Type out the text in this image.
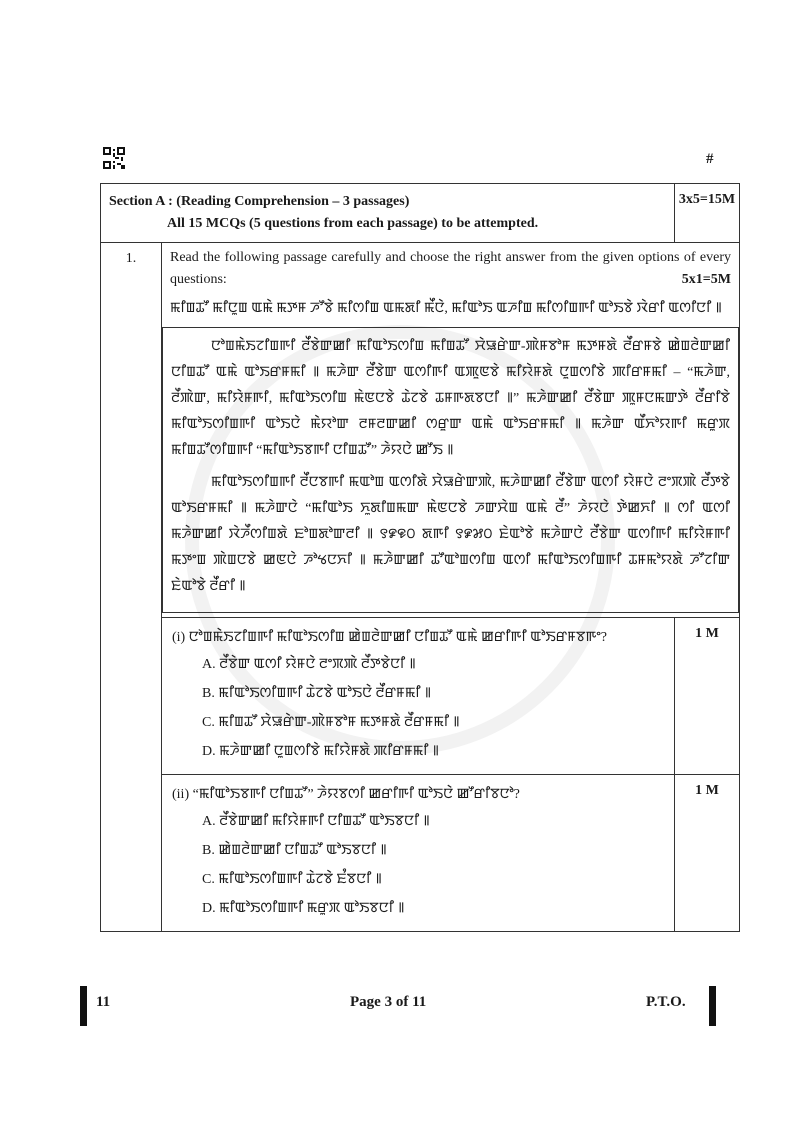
#
Section A : (Reading Comprehension – 3 passages)
All 15 MCQs (5 questions from each passage) to be attempted.		3x5=15M
1.	Read the following passage carefully and choose the right answer from the given options of every questions: 5x1=5M
ꯃꯤꯡꯊꯧ ꯃꯤꯅꯨꯡ ꯑꯃꯥ ꯃꯇꯝ ꯍꯧꯕꯥ ꯃꯤꯁꯤꯡ ꯑꯃꯗꯤ ꯃꯩꯅꯥ, ꯃꯤꯑꯣꯏ ꯑꯍꯤꯡ ꯃꯤꯁꯤꯡꯒꯤ ꯑꯣꯏꯕꯥ ꯋꯥꯔꯤ ꯑꯁꯤꯅꯤ ꯫

ꯅꯣꯡꯃꯥꯏꯖꯤꯡꯒꯤ ꯂꯩꯕꯥꯛꯀꯤ ꯃꯤꯑꯣꯏꯁꯤꯡ ꯃꯤꯡꯊꯧ ꯆꯥꯎꯔꯥꯛ-ꯄꯥꯝꯕꯣꯝ ꯃꯇꯝꯗꯥ ꯂꯩꯔꯝꯕꯥ ꯀꯥꯡꯂꯥꯛꯀꯤ ꯅꯤꯡꯊꯧ ꯑꯃꯥ ꯑꯣꯏꯔꯝꯃꯤ ꯫ ꯃꯍꯥꯛ ꯂꯩꯕꯥꯛ ꯑꯁꯤꯒꯤ ꯑꯄꯨꯟꯕꯥ ꯃꯤꯌꯥꯝꯗꯥ ꯅꯨꯡꯁꯤꯕꯥ ꯄꯤꯔꯝꯃꯤ – “ꯃꯍꯥꯛ, ꯂꯩꯄꯥꯛ, ꯃꯤꯌꯥꯝꯒꯤ, ꯃꯤꯑꯣꯏꯁꯤꯡ ꯃꯥꯟꯅꯕꯥ ꯊꯥꯖꯕꯥ ꯊꯝꯒꯗꯕꯅꯤ ꯫” ꯃꯍꯥꯛꯀꯤ ꯂꯩꯕꯥꯛ ꯄꯨꯝꯅꯃꯛꯇꯥ ꯂꯩꯔꯤꯕꯥ ꯃꯤꯑꯣꯏꯁꯤꯡꯒꯤ ꯑꯣꯏꯅꯥ ꯃꯥꯌꯣꯛ ꯂꯝꯂꯛꯀꯤ ꯁꯔꯨꯛ ꯑꯃꯥ ꯑꯣꯏꯔꯝꯃꯤ ꯫ ꯃꯍꯥꯛ ꯑꯩꯈꯣꯌꯒꯤ ꯃꯔꯨꯞ ꯃꯤꯡꯊꯧꯁꯤꯡꯒꯤ “ꯃꯤꯑꯣꯏꯕꯒꯤ ꯅꯤꯡꯊꯧ” ꯍꯥꯌꯅꯥ ꯀꯧꯏ ꯫

ꯃꯤꯑꯣꯏꯁꯤꯡꯒꯤ ꯂꯩꯅꯕꯒꯤ ꯃꯑꯣꯡ ꯑꯁꯤꯗꯥ ꯆꯥꯎꯔꯥꯛꯄꯥ, ꯃꯍꯥꯛꯀꯤ ꯂꯩꯕꯥꯛ ꯑꯁꯤ ꯌꯥꯝꯅꯥ ꯂꯦꯞꯄꯥ ꯂꯩꯇꯕꯥ ꯑꯣꯏꯔꯝꯃꯤ ꯫ ꯃꯍꯥꯛꯅꯥ “ꯃꯤꯑꯣꯏ ꯈꯨꯗꯤꯡꯃꯛ ꯃꯥꯟꯅꯕꯥ ꯍꯛꯆꯥꯡ ꯑꯃꯥ ꯂꯩ” ꯍꯥꯌꯅꯥ ꯇꯥꯀꯈꯤ ꯫ ꯁꯤ ꯑꯁꯤ ꯃꯍꯥꯛꯀꯤ ꯋꯥꯍꯩꯁꯤꯡꯗꯥ ꯐꯣꯡꯗꯣꯛꯂꯤ ꯫ ꯱꯹꯶꯰ ꯗꯒꯤ ꯱꯹꯷꯰ ꯐꯥꯑꯣꯕꯥ ꯃꯍꯥꯛꯅꯥ ꯂꯩꯕꯥꯛ ꯑꯁꯤꯒꯤ ꯃꯤꯌꯥꯝꯒꯤ ꯃꯇꯦꯡ ꯄꯥꯡꯅꯕꯥ ꯀꯟꯅꯥ ꯍꯣꯠꯅꯈꯤ ꯫ ꯃꯍꯥꯛꯀꯤ ꯊꯧꯑꯣꯡꯁꯤꯡ ꯑꯁꯤ ꯃꯤꯑꯣꯏꯁꯤꯡꯒꯤ ꯊꯝꯃꯣꯌꯗꯥ ꯍꯧꯖꯤꯛ ꯐꯥꯑꯣꯕꯥ ꯂꯩꯔꯤ ꯫	

	(i) ꯅꯣꯡꯃꯥꯏꯖꯤꯡꯒꯤ ꯃꯤꯑꯣꯏꯁꯤꯡ ꯀꯥꯡꯂꯥꯛꯀꯤ ꯅꯤꯡꯊꯧ ꯑꯃꯥ ꯀꯔꯤꯒꯤ ꯑꯣꯏꯔꯝꯕꯒꯦ?
A. ꯂꯩꯕꯥꯛ ꯑꯁꯤ ꯌꯥꯝꯅꯥ ꯂꯦꯞꯄꯥ ꯂꯩꯇꯕꯥꯅꯤ ꯫
B. ꯃꯤꯑꯣꯏꯁꯤꯡꯒꯤ ꯊꯥꯖꯕꯥ ꯑꯣꯏꯅꯥ ꯂꯩꯔꯝꯃꯤ ꯫
C. ꯃꯤꯡꯊꯧ ꯆꯥꯎꯔꯥꯛ-ꯄꯥꯝꯕꯣꯝ ꯃꯇꯝꯗꯥ ꯂꯩꯔꯝꯃꯤ ꯫
D. ꯃꯍꯥꯛꯀꯤ ꯅꯨꯡꯁꯤꯕꯥ ꯃꯤꯌꯥꯝꯗꯥ ꯄꯤꯔꯝꯃꯤ ꯫	1 M

	(ii) “ꯃꯤꯑꯣꯏꯕꯒꯤ ꯅꯤꯡꯊꯧ” ꯍꯥꯌꯕꯁꯤ ꯀꯔꯤꯒꯤ ꯑꯣꯏꯅꯥ ꯀꯧꯔꯤꯕꯅꯣ?
A. ꯂꯩꯕꯥꯛꯀꯤ ꯃꯤꯌꯥꯝꯒꯤ ꯅꯤꯡꯊꯧ ꯑꯣꯏꯕꯅꯤ ꯫
B. ꯀꯥꯡꯂꯥꯛꯀꯤ ꯅꯤꯡꯊꯧ ꯑꯣꯏꯕꯅꯤ ꯫
C. ꯃꯤꯑꯣꯏꯁꯤꯡꯒꯤ ꯊꯥꯖꯕꯥ ꯐꯪꯕꯅꯤ ꯫
D. ꯃꯤꯑꯣꯏꯁꯤꯡꯒꯤ ꯃꯔꯨꯞ ꯑꯣꯏꯕꯅꯤ ꯫	1 M
11	Page 3 of 11	P.T.O.
